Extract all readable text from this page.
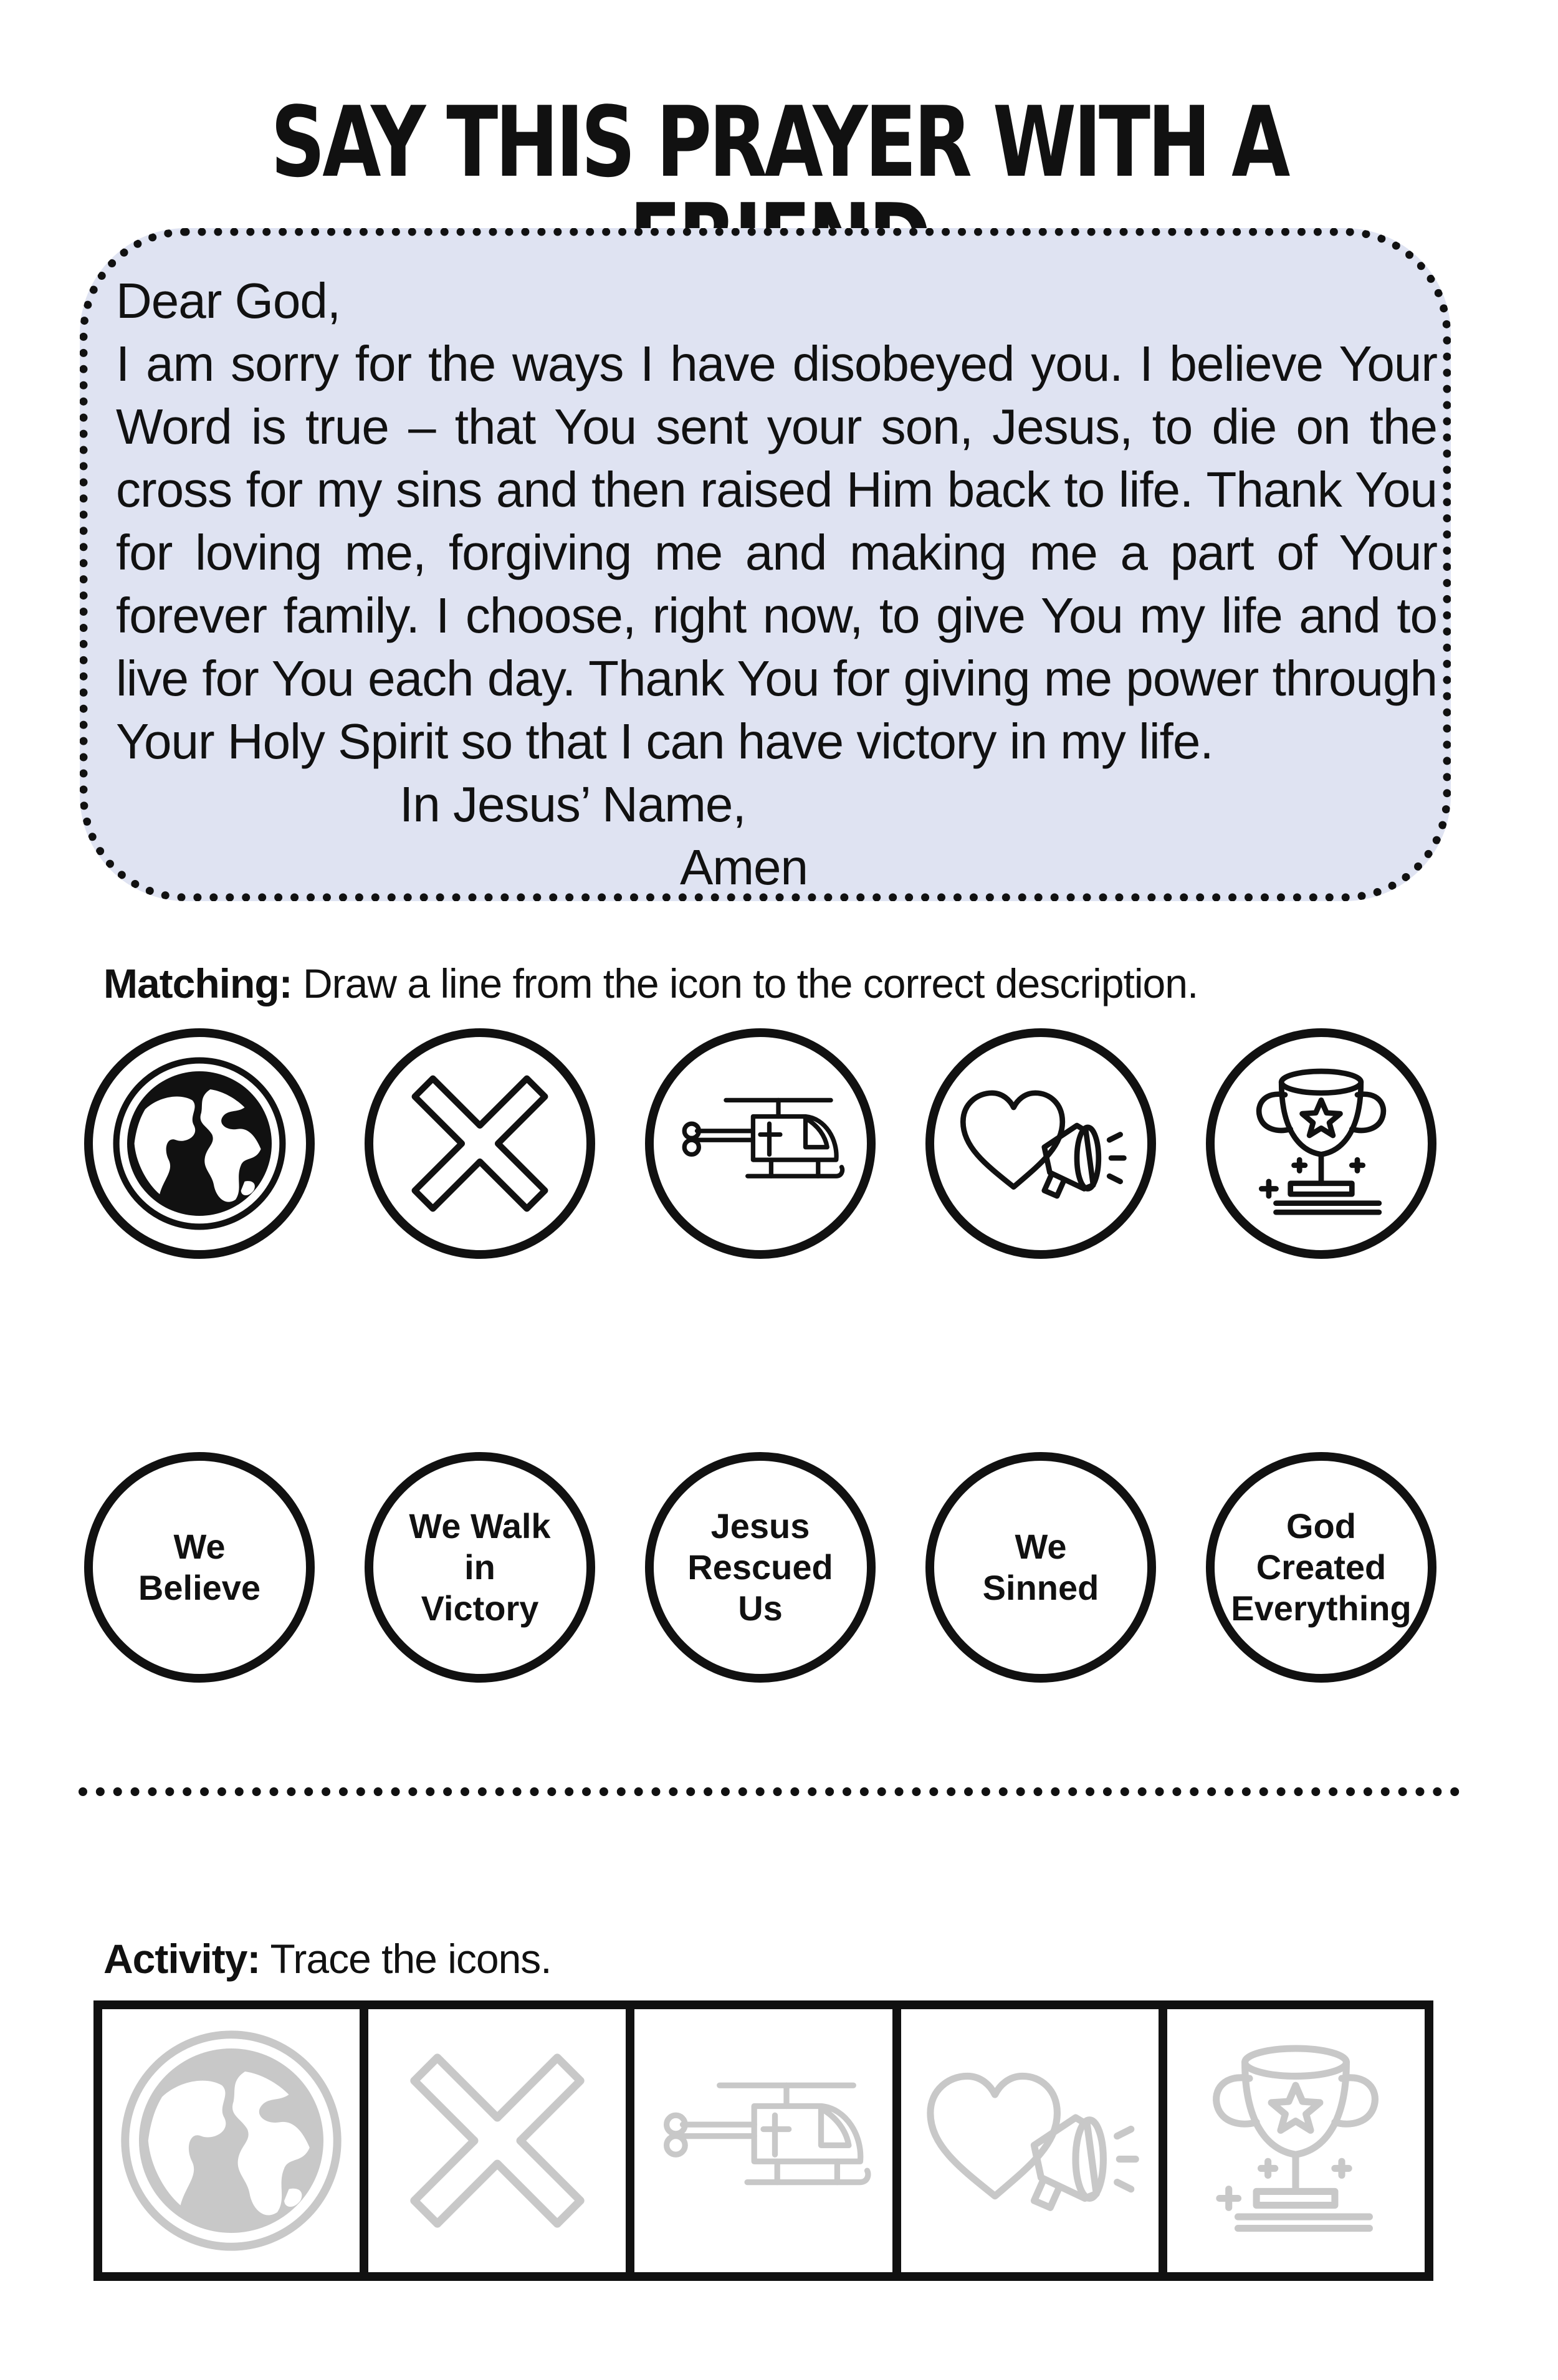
SAY THIS PRAYER WITH A

Dear God,

I am sorry for the ways I have disobeyed you. I believe Your Word is true – that You sent your son, Jesus, to die on the cross for my sins and then raised Him back to life. Thank You for loving me, forgiving me and making me a part of Your forever family. I choose, right now, to give You my life and to live for You each day. Thank You for giving me power through Your Holy Spirit so that I can have victory in my life.

In Jesus’ Name,

Amen

Matching: Draw a line from the icon to the correct description.
We
Believe
We Walk
in
Victory
Jesus
Rescued
Us
We
Sinned
God
Created
Everything
Activity: Trace the icons.
